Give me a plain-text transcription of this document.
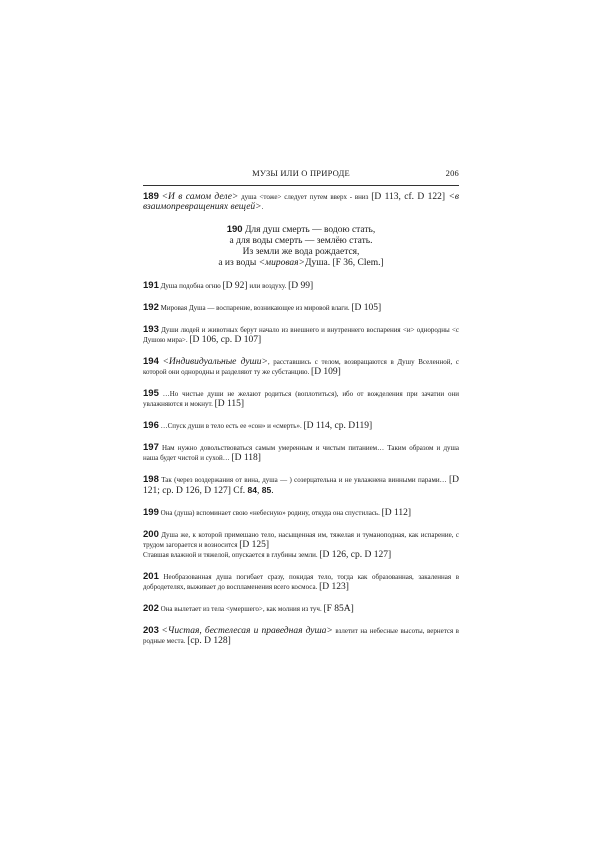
МУЗЫ ИЛИ О ПРИРОДЕ	206

189 <И в самом деле> душа <тоже> следует путем вверх - вниз [D 113, cf. D 122] <в взаимопревращениях вещей>.

190 Для душ смерть — водою стать,
а для воды смерть — землёю стать.
Из земли же вода рождается,
а из воды <мировая>Душа. [F 36, Clem.]

191 Душа подобна огню [D 92] или воздуху. [D 99]

192 Мировая Душа — воспарение, возникающее из мировой влаги. [D 105]

193 Души людей и животных берут начало из внешнего и внутреннего воспарения <и> однородны <с Душою мира>. [D 106, cp. D 107]

194 <Индивидуальные души>, расставшись с телом, возвращаются в Душу Вселенной, с которой они однородны и разделяют ту же субстанцию. [D 109]

195 …Но чистые души не желают родиться (воплотиться), ибо от вожделения при зачатии они увлажняются и мокнут. [D 115]

196 …Спуск души в тело есть ее «сон» и «смерть». [D 114, cp. D119]

197 Нам нужно довольствоваться самым умеренным и чистым питанием… Таким образом и душа наша будет чистой и сухой… [D 118]

198 Так (через воздержания от вина, душа — ) созерцательна и не увлажнена винными парами… [D 121; cp. D 126, D 127] Cf. 84, 85.

199 Она (душа) вспоминает свою «небесную» родину, откуда она спустилась. [D 112]

200 Душа же, к которой примешано тело, насыщенная им, тяжелая и туманоподная, как испарение, с трудом загорается и возносится [D 125]
Ставшая влажной и тяжелой, опускается в глубины земли. [D 126, cp. D 127]

201 Необразованная душа погибает сразу, покидая тело, тогда как образованная, закаленная в добродетелях, выживает до воспламенения всего космоса. [D 123]

202 Она вылетает из тела <умершего>, как молния из туч. [F 85A]

203 <Чистая, бестелесая и праведная душа> взлетит на небесные высоты, вернется в родные места. [cp. D 128]
